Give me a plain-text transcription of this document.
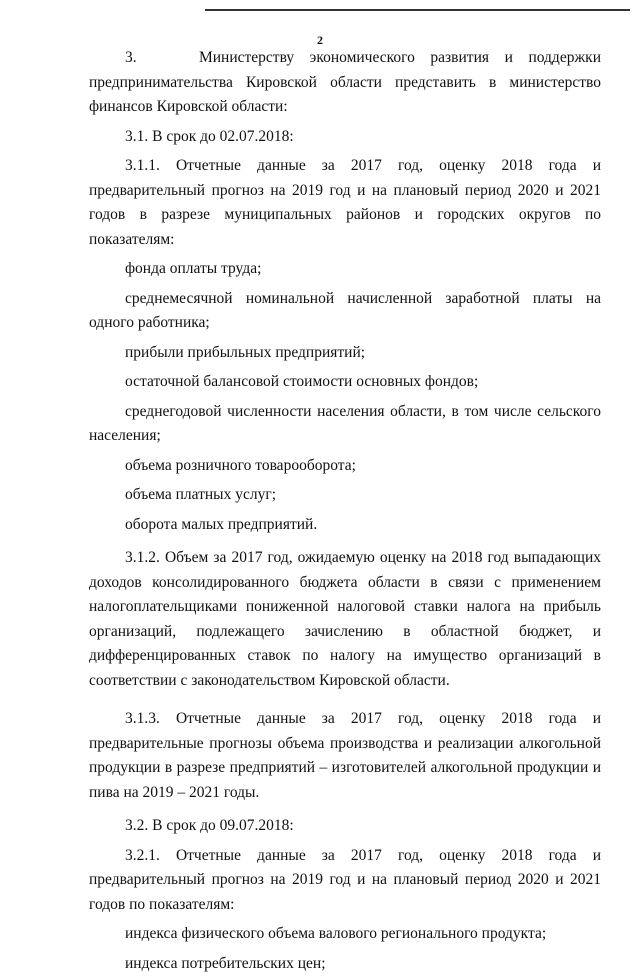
2

3.    Министерству экономического развития и поддержки предпринимательства Кировской области представить в министерство финансов Кировской области:

3.1. В срок до 02.07.2018:

3.1.1. Отчетные данные за 2017 год, оценку 2018 года и предварительный прогноз на 2019 год и на плановый период 2020 и 2021 годов в разрезе муниципальных районов и городских округов по показателям:

фонда оплаты труда;

среднемесячной номинальной начисленной заработной платы на одного работника;

прибыли прибыльных предприятий;

остаточной балансовой стоимости основных фондов;

среднегодовой численности населения области, в том числе сельского населения;

объема розничного товарооборота;

объема платных услуг;

оборота малых предприятий.

3.1.2. Объем за 2017 год, ожидаемую оценку на 2018 год выпадающих доходов консолидированного бюджета области в связи с применением налогоплательщиками пониженной налоговой ставки налога на прибыль организаций, подлежащего зачислению в областной бюджет, и дифференцированных ставок по налогу на имущество организаций в соответствии с законодательством Кировской области.

3.1.3. Отчетные данные за 2017 год, оценку 2018 года и предварительные прогнозы объема производства и реализации алкогольной продукции в разрезе предприятий – изготовителей алкогольной продукции и пива на 2019 – 2021 годы.

3.2. В срок до 09.07.2018:

3.2.1. Отчетные данные за 2017 год, оценку 2018 года и предварительный прогноз на 2019 год и на плановый период 2020 и 2021 годов по показателям:

индекса физического объема валового регионального продукта;

индекса потребительских цен;
